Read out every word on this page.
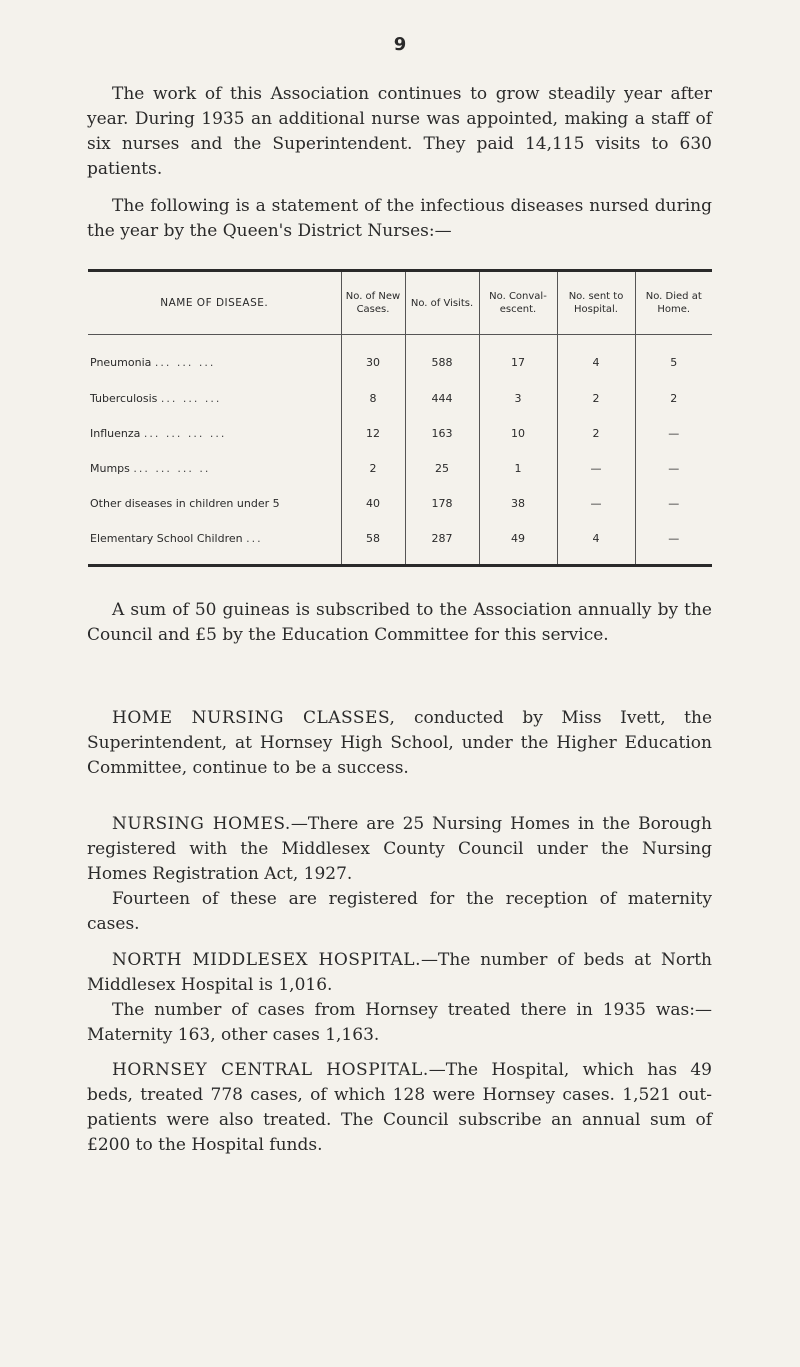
9

The work of this Association continues to grow steadily year after year. During 1935 an additional nurse was appointed, making a staff of six nurses and the Superintendent. They paid 14,115 visits to 630 patients.

The following is a statement of the infectious diseases nursed during the year by the Queen's District Nurses:—

NAME OF DISEASE.	No. of New Cases.	No. of Visits.	No. Conval- escent.	No. sent to Hospital.	No. Died at Home.
Pneumonia ... ... ...	30	588	17	4	5
Tuberculosis ... ... ...	8	444	3	2	2
Influenza ... ... ... ...	12	163	10	2	—
Mumps ... ... ... ..	2	25	1	—	—
Other diseases in children under 5	40	178	38	—	—
Elementary School Children ...	58	287	49	4	—

A sum of 50 guineas is subscribed to the Association annually by the Council and £5 by the Education Committee for this service.

HOME NURSING CLASSES, conducted by Miss Ivett, the Superintendent, at Hornsey High School, under the Higher Education Committee, continue to be a success.

NURSING HOMES.—There are 25 Nursing Homes in the Borough registered with the Middlesex County Council under the Nursing Homes Registration Act, 1927.

Fourteen of these are registered for the reception of maternity cases.

NORTH MIDDLESEX HOSPITAL.—The number of beds at North Middlesex Hospital is 1,016.

The number of cases from Hornsey treated there in 1935 was:—Maternity 163, other cases 1,163.

HORNSEY CENTRAL HOSPITAL.—The Hospital, which has 49 beds, treated 778 cases, of which 128 were Hornsey cases. 1,521 out-patients were also treated. The Council subscribe an annual sum of £200 to the Hospital funds.
